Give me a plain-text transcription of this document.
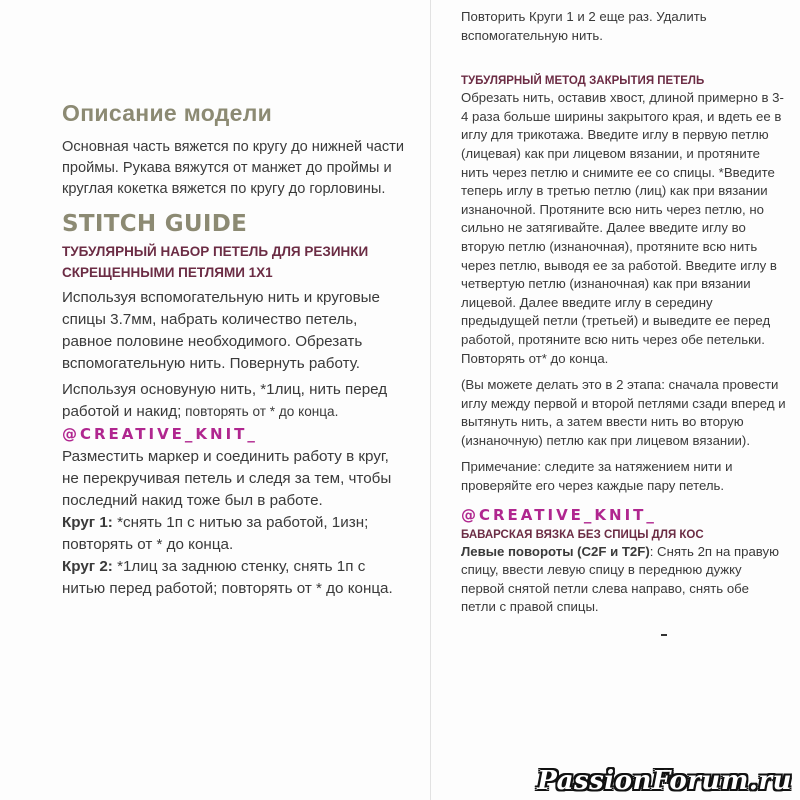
Описание модели

Основная часть вяжется по кругу до нижней части проймы. Рукава вяжутся от манжет до проймы и круглая кокетка вяжется по кругу до горловины.

STITCH GUIDE
ТУБУЛЯРНЫЙ НАБОР ПЕТЕЛЬ ДЛЯ РЕЗИНКИ СКРЕЩЕННЫМИ ПЕТЛЯМИ 1X1

Используя вспомогательную нить и круговые спицы 3.7мм, набрать количество петель, равное половине необходимого. Обрезать вспомогательную нить. Повернуть работу.

Используя основуную нить, *1лиц, нить перед работой и накид; повторять от * до конца.

@CREATIVE_KNIT_

Разместить маркер и соединить работу в круг, не перекручивая петель и следя за тем, чтобы последний накид тоже был в работе.

Круг 1: *снять 1п с нитью за работой, 1изн; повторять от * до конца.

Круг 2: *1лиц за заднюю стенку, снять 1п с нитью перед работой; повторять от * до конца.

Повторить Круги 1 и 2 еще раз. Удалить вспомогательную нить.

ТУБУЛЯРНЫЙ МЕТОД ЗАКРЫТИЯ ПЕТЕЛЬ

Обрезать нить, оставив хвост, длиной примерно в 3-4 раза больше ширины закрытого края, и вдеть ее в иглу для трикотажа. Введите иглу в первую петлю (лицевая) как при лицевом вязании, и протяните нить через петлю и снимите ее со спицы. *Введите теперь иглу в третью петлю (лиц) как при вязании изнаночной. Протяните всю нить через петлю, но сильно не затягивайте. Далее введите иглу во вторую петлю (изнаночная), протяните всю нить через петлю, выводя ее за работой. Введите иглу в четвертую петлю (изнаночная) как при вязании лицевой. Далее введите иглу в середину предыдущей петли (третьей) и выведите ее перед работой, протяните всю нить через обе петельки. Повторять от* до конца.

(Вы можете делать это в 2 этапа: сначала провести иглу между первой и второй петлями сзади вперед и вытянуть нить, а затем ввести нить во вторую (изнаночную) петлю как при лицевом вязании).

Примечание: следите за натяжением нити и проверяйте его через каждые пару петель.

@CREATIVE_KNIT_

БАВАРСКАЯ ВЯЗКА БЕЗ СПИЦЫ ДЛЯ КОС

Левые повороты (C2F и T2F): Снять 2п на правую спицу, ввести левую спицу в переднюю дужку первой снятой петли слева направо, снять обе петли с правой спицы.

PassionForum.ru
